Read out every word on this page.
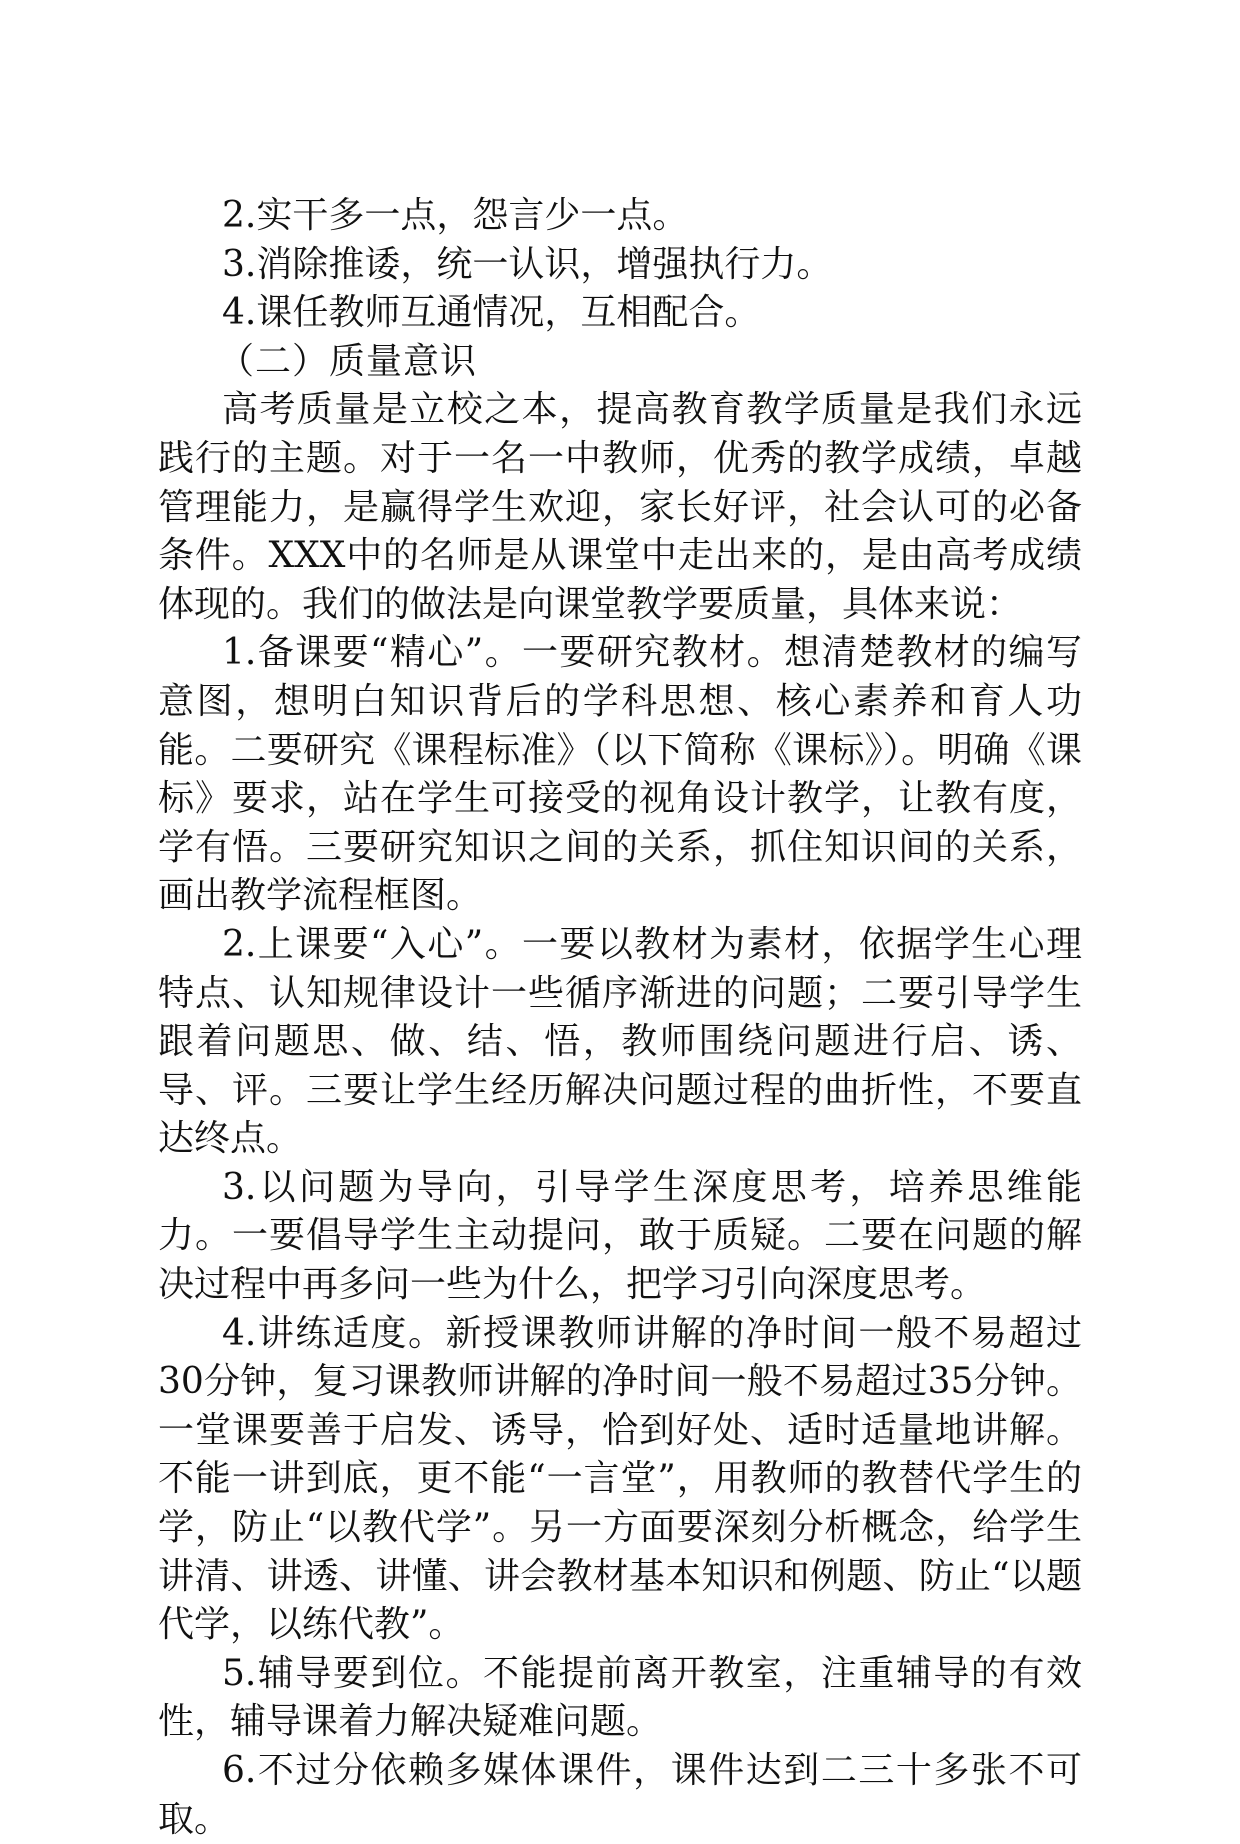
2.实干多一点，怨言少一点。

3.消除推诿，统一认识，增强执行力。

4.课任教师互通情况，互相配合。

（二）质量意识

高考质量是立校之本，提高教育教学质量是我们永远践行的主题。对于一名一中教师，优秀的教学成绩，卓越管理能力，是赢得学生欢迎，家长好评，社会认可的必备条件。XXX中的名师是从课堂中走出来的，是由高考成绩体现的。我们的做法是向课堂教学要质量，具体来说：

1.备课要“精心”。一要研究教材。想清楚教材的编写意图，想明白知识背后的学科思想、核心素养和育人功能。二要研究《课程标准》（以下简称《课标》）。明确《课标》要求，站在学生可接受的视角设计教学，让教有度，学有悟。三要研究知识之间的关系，抓住知识间的关系，画出教学流程框图。

2.上课要“入心”。一要以教材为素材，依据学生心理特点、认知规律设计一些循序渐进的问题；二要引导学生跟着问题思、做、结、悟，教师围绕问题进行启、诱、导、评。三要让学生经历解决问题过程的曲折性，不要直达终点。

3.以问题为导向，引导学生深度思考，培养思维能力。一要倡导学生主动提问，敢于质疑。二要在问题的解决过程中再多问一些为什么，把学习引向深度思考。

4.讲练适度。新授课教师讲解的净时间一般不易超过30分钟，复习课教师讲解的净时间一般不易超过35分钟。一堂课要善于启发、诱导，恰到好处、适时适量地讲解。不能一讲到底，更不能“一言堂”，用教师的教替代学生的学，防止“以教代学”。另一方面要深刻分析概念，给学生讲清、讲透、讲懂、讲会教材基本知识和例题、防止“以题代学，以练代教”。

5.辅导要到位。不能提前离开教室，注重辅导的有效性，辅导课着力解决疑难问题。

6.不过分依赖多媒体课件，课件达到二三十多张不可取。
